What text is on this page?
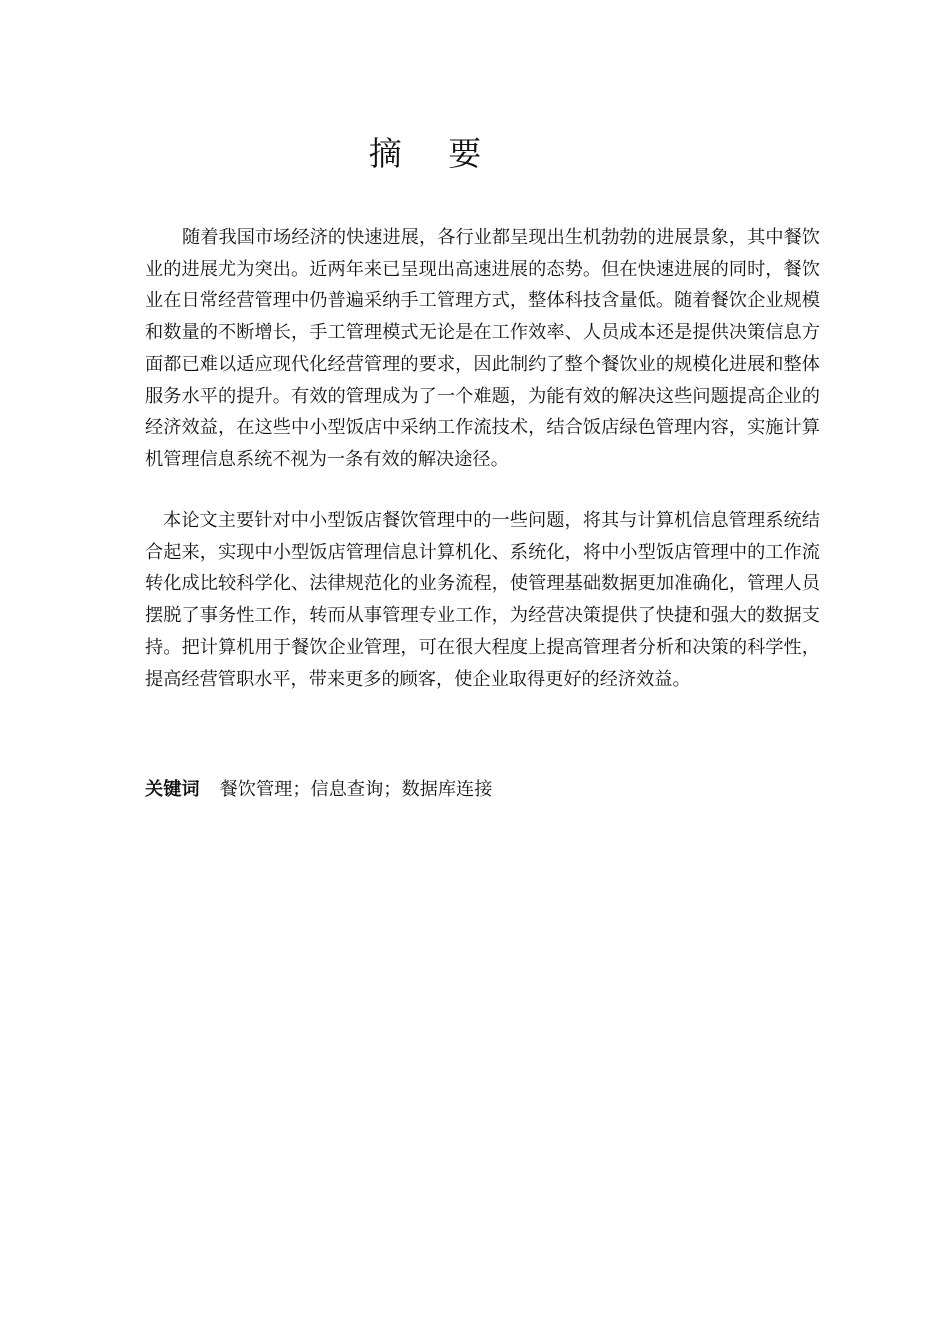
摘 要

随着我国市场经济的快速进展，各行业都呈现出生机勃勃的进展景象，其中餐饮业的进展尤为突出。近两年来已呈现出高速进展的态势。但在快速进展的同时，餐饮业在日常经营管理中仍普遍采纳手工管理方式，整体科技含量低。随着餐饮企业规模和数量的不断增长，手工管理模式无论是在工作效率、人员成本还是提供决策信息方面都已难以适应现代化经营管理的要求，因此制约了整个餐饮业的规模化进展和整体服务水平的提升。有效的管理成为了一个难题，为能有效的解决这些问题提高企业的经济效益，在这些中小型饭店中采纳工作流技术，结合饭店绿色管理内容，实施计算机管理信息系统不视为一条有效的解决途径。

本论文主要针对中小型饭店餐饮管理中的一些问题，将其与计算机信息管理系统结合起来，实现中小型饭店管理信息计算机化、系统化，将中小型饭店管理中的工作流转化成比较科学化、法律规范化的业务流程，使管理基础数据更加准确化，管理人员摆脱了事务性工作，转而从事管理专业工作，为经营决策提供了快捷和强大的数据支持。把计算机用于餐饮企业管理，可在很大程度上提高管理者分析和决策的科学性，提高经营管职水平，带来更多的顾客，使企业取得更好的经济效益。

关键词 餐饮管理；信息查询；数据库连接
